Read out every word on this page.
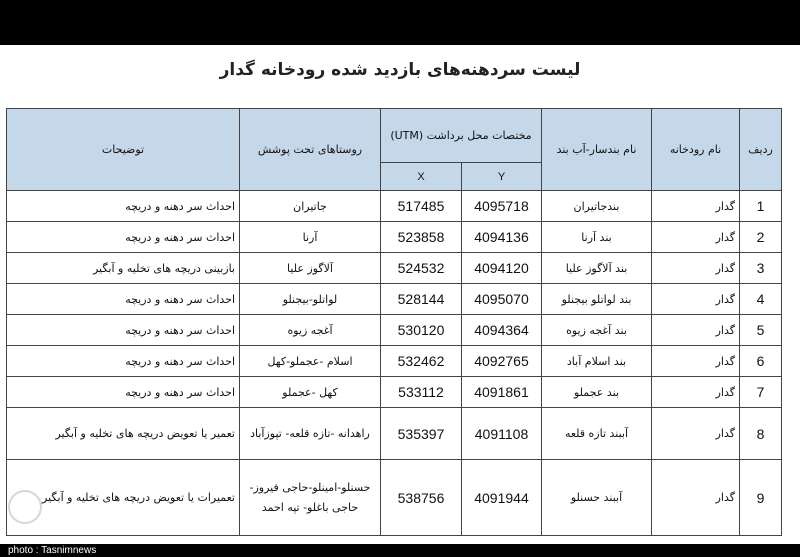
لیست سردهنه‌های بازدید شده رودخانه گدار
ردیف	نام رودخانه	نام بندسار-آب بند	مختصات محل برداشت (UTM)		روستاهای تحت پوشش	توضیحات
			Y	X		
1	گدار	بندجاتیران	4095718	517485	جاتیران	احداث سر دهنه و دریچه
2	گدار	بند آرنا	4094136	523858	آرنا	احداث سر دهنه و دریچه
3	گدار	بند آلاگوز علیا	4094120	524532	آلاگوز علیا	بازبینی دریچه های تخلیه و آبگیر
4	گدار	بند لواتلو بیجنلو	4095070	528144	لواتلو-بیجنلو	احداث سر دهنه و دریچه
5	گدار	بند آغجه زیوه	4094364	530120	آغجه زیوه	احداث سر دهنه و دریچه
6	گدار	بند اسلام آباد	4092765	532462	اسلام -عجملو-کهل	احداث سر دهنه و دریچه
7	گدار	بند عجملو	4091861	533112	کهل -عجملو	احداث سر دهنه و دریچه
8	گدار	آببند تازه قلعه	4091108	535397	راهدانه -تازه قلعه- تپوزآباد	تعمیر یا تعویض دریچه های تخلیه و آبگیر
9	گدار	آببند حسنلو	4091944	538756	حسنلو-امینلو-حاجی فیروز-حاجی باغلو- تپه احمد	تعمیرات یا تعویض دریچه های تخلیه و آبگیر
photo : Tasnimnews
